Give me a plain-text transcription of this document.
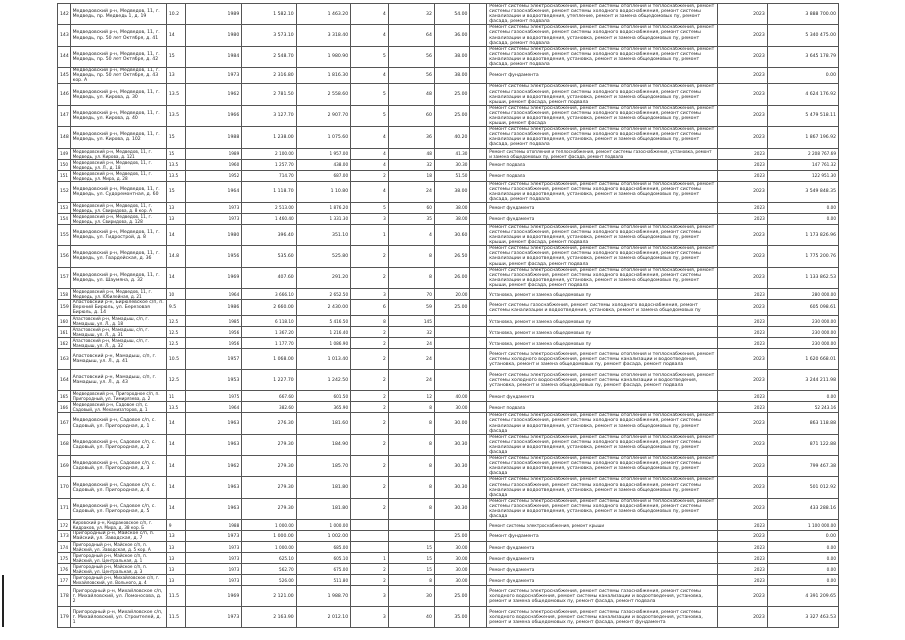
142	Медведовский р-н, Медведов, 11, г. Медведь, пр. Медведь 1, д. 19	10.2	1989	1 582.10	1 463.20	4	32	54.00		Ремонт системы электроснабжения, ремонт системы отопления и теплоснабжения, ремонт системы газоснабжения, ремонт системы холодного водоснабжения, ремонт системы канализации и водоотведения, утепление, ремонт и замена общедомовых пу, ремонт фасада, ремонт подвала	2023	3 888 700.00
143	Медведовский р-н, Медведов, 11, г. Медведь, пр. 50 лет Октября, д. 41	14	1980	3 573.10	3 318.40	4	64	36.00		Ремонт системы электроснабжения, ремонт системы отопления и теплоснабжения, ремонт системы газоснабжения, ремонт системы холодного водоснабжения, ремонт системы канализации и водоотведения, установка, ремонт и замена общедомовых пу, ремонт фасада, ремонт подвала	2023	5 340 475.00
144	Медведовский р-н, Медведов, 11, г. Медведь, пр. 50 лет Октября, д. 42	15	1984	2 548.70	1 980.90	5	56	38.00		Ремонт системы электроснабжения, ремонт системы отопления и теплоснабжения, ремонт системы газоснабжения, ремонт системы холодного водоснабжения, ремонт системы канализации и водоотведения, установка, ремонт и замена общедомовых пу, ремонт фасада, ремонт подвала	2023	3 645 178.79
145	Медведовский р-н, Медведов, 11, г. Медведь, пр. 50 лет Октября, д. 43 кор. А	13	1973	2 316.80	1 816.30	4	56	38.00		Ремонт фундамента	2023	0.00
146	Медведовский р-н, Медведов, 11, г. Медведь, ул. Кирова, д. 30	13.5	1962	2 781.50	2 558.60	5	48	25.00		Ремонт системы электроснабжения, ремонт системы отопления и теплоснабжения, ремонт системы газоснабжения, ремонт системы холодного водоснабжения, ремонт системы канализации и водоотведения, установка, ремонт и замена общедомовых пу, ремонт крыши, ремонт фасада, ремонт подвала	2023	4 624 176.92
147	Медведовский р-н, Медведов, 11, г. Медведь, ул. Кирова, д. 40	13.5	1966	3 127.70	2 907.70	5	60	25.00		Ремонт системы электроснабжения, ремонт системы отопления и теплоснабжения, ремонт системы газоснабжения, ремонт системы холодного водоснабжения, ремонт системы канализации и водоотведения, установка, ремонт и замена общедомовых пу, ремонт крыши, ремонт фасада	2023	5 479 518.11
148	Медведовский р-н, Медведов, 11, г. Медведь, ул. Кирова, д. 102	15	1988	1 238.00	1 075.60	4	36	40.20		Ремонт системы электроснабжения, ремонт системы отопления и теплоснабжения, ремонт системы газоснабжения, ремонт системы холодного водоснабжения, ремонт системы канализации и водоотведения, установка, ремонт и замена общедомовых пу, ремонт фасада, ремонт подвала	2023	1 867 196.92
149	Медведовский р-н, Медведов, 11, г. Медведь, ул. Кирова, д. 121	15	1989	2 100.00	1 957.00	4	48	41.30		Ремонт системы отопления и теплоснабжения, ремонт системы газоснабжения, установка, ремонт и замена общедомовых пу, ремонт фасада, ремонт подвала	2023	2 208 767.69
150	Медведовский р-н, Медведов, 11, г. Медведь, ул. Л., д. 18	13.5	1960	1 257.70	438.00	4	32	30.30		Ремонт подвала	2023	147 761.32
151	Медведовский р-н, Медведов, 11, г. Медведь, ул. Мира, д. 28	13.5	1952	714.70	687.00	2	18	51.50		Ремонт подвала	2023	122 951.30
152	Медведовский р-н, Медведов, 11, г. Медведь, ул. Судоремонтная, д. 60	15	1964	1 118.70	1 10.80	4	24	38.00		Ремонт системы электроснабжения, ремонт системы отопления и теплоснабжения, ремонт системы газоснабжения, ремонт системы холодного водоснабжения, ремонт системы канализации и водоотведения, установка, ремонт и замена общедомовых пу, ремонт фасада, ремонт подвала	2023	3 549 848.35
153	Медведовский р-н, Медведов, 11, г. Медведь, ул. Свиридова, д. 8 кор. А	13	1973	2 513.00	1 876.20	5	60	38.00		Ремонт фундамента	2023	0.00
154	Медведовский р-н, Медведов, 11, г. Медведь, ул. Свиридова, д. 128	13	1973	1 460.40	1 331.30	3	35	38.00		Ремонт фундамента	2023	0.00
155	Медведовский р-н, Медведов, 11, г. Медведь, ул. Гидрострой, д. 8	14	1980	396.40	351.10	1	4	30.60		Ремонт системы электроснабжения, ремонт системы отопления и теплоснабжения, ремонт системы газоснабжения, ремонт системы холодного водоснабжения, ремонт системы канализации и водоотведения, установка, ремонт и замена общедомовых пу, ремонт крыши, ремонт фасада, ремонт подвала	2023	1 173 826.96
156	Медведовский р-н, Медведов, 11, г. Медведь, ул. Гвардейская, д. 36	14.8	1956	535.60	525.80	2	8	26.50		Ремонт системы электроснабжения, ремонт системы отопления и теплоснабжения, ремонт системы газоснабжения, ремонт системы холодного водоснабжения, ремонт системы канализации и водоотведения, установка, ремонт и замена общедомовых пу, ремонт крыши, ремонт фасада, ремонт подвала	2023	1 775 200.76
157	Медведовский р-н, Медведов, 11, г. Медведь, ул. Шаумяна, д. 32	14	1969	407.60	291.20	2	8	26.00		Ремонт системы электроснабжения, ремонт системы отопления и теплоснабжения, ремонт системы газоснабжения, ремонт системы холодного водоснабжения, ремонт системы канализации и водоотведения, установка, ремонт и замена общедомовых пу, ремонт крыши, ремонт фасада, ремонт подвала	2023	1 133 862.53
158	Медведовский р-н, Медведов, 11, г. Медведь, ул. Юбилейная, д. 21	10	1964	3 666.10	2 652.50	3	70	20.00		Установка, ремонт и замена общедомовых пу	2023	280 000.00
159	Апастовский р-н, Бирюлевское с/п, п. Верхний Бирюль, ул. Березовая Бирюль, д. 14	9.5	1986	2 660.00	2 430.00	6	59	25.00		Ремонт системы газоснабжения, ремонт системы холодного водоснабжения, ремонт системы канализации и водоотведения, установка, ремонт и замена общедомовых пу	2023	605 098.61
160	Апастовский р-н, Мамадыш, с/п, г. Мамадыш, ул. Л., д. 18	12.5	1985	6 118.10	5 416.50	8	145			Установка, ремонт и замена общедомовых пу	2023	230 000.00
161	Апастовский р-н, Мамадыш, с/п, г. Мамадыш, ул. Л., д. 31	12.5	1956	1 367.20	1 216.40	2	32			Установка, ремонт и замена общедомовых пу	2023	230 000.00
162	Апастовский р-н, Мамадыш, с/п, г. Мамадыш, ул. Л., д. 32	12.5	1956	1 177.70	1 086.90	2	24			Установка, ремонт и замена общедомовых пу	2023	230 000.00
163	Апастовский р-н, Мамадыш, с/п, г. Мамадыш, ул. Л., д. 41	10.5	1957	1 068.00	1 013.40	2	24			Ремонт системы электроснабжения, ремонт системы отопления и теплоснабжения, ремонт системы холодного водоснабжения, ремонт системы канализации и водоотведения, установка, ремонт и замена общедомовых пу, ремонт фасада, ремонт подвала	2023	1 620 668.01
164	Апастовский р-н, Мамадыш, с/п, г. Мамадыш, ул. Л., д. 43	12.5	1953	1 227.70	1 242.50	2	24			Ремонт системы электроснабжения, ремонт системы отопления и теплоснабжения, ремонт системы холодного водоснабжения, ремонт системы канализации и водоотведения, установка, ремонт и замена общедомовых пу, ремонт фасада, ремонт подвала	2023	3 244 211.98
165	Медведовский р-н, Пригородное с/п, п. Пригородный, ул. Тимирязева, д. 2	11	1975	667.60	601.50	2	12	40.00		Ремонт фундамента	2023	0.00
166	Медведовский р-н, Садовое с/п, с. Садовый, ул. Механизаторов, д. 1	13.5	1964	382.60	365.90	2	8	30.00		Ремонт подвала	2023	52 243.16
167	Медведовский р-н, Садовое с/п, с. Садовый, ул. Пригородная, д. 1	14	1963	276.30	181.60	2	8	30.00		Ремонт системы электроснабжения, ремонт системы отопления и теплоснабжения, ремонт системы газоснабжения, ремонт системы холодного водоснабжения, ремонт системы канализации и водоотведения, установка, ремонт и замена общедомовых пу, ремонт фасада	2023	863 118.88
168	Медведовский р-н, Садовое с/п, с. Садовый, ул. Пригородная, д. 2	14	1963	279.30	184.90	2	8	30.30		Ремонт системы электроснабжения, ремонт системы отопления и теплоснабжения, ремонт системы газоснабжения, ремонт системы холодного водоснабжения, ремонт системы канализации и водоотведения, установка, ремонт и замена общедомовых пу, ремонт фасада	2023	871 122.88
169	Медведовский р-н, Садовое с/п, с. Садовый, ул. Пригородная, д. 3	14	1962	279.30	185.70	2	8	30.30		Ремонт системы электроснабжения, ремонт системы отопления и теплоснабжения, ремонт системы газоснабжения, ремонт системы холодного водоснабжения, ремонт системы канализации и водоотведения, установка, ремонт и замена общедомовых пу, ремонт фасада	2023	799 467.38
170	Медведовский р-н, Садовое с/п, с. Садовый, ул. Пригородная, д. 4	14	1963	279.30	181.80	2	8	30.30		Ремонт системы электроснабжения, ремонт системы отопления и теплоснабжения, ремонт системы газоснабжения, ремонт системы холодного водоснабжения, ремонт системы канализации и водоотведения, установка, ремонт и замена общедомовых пу, ремонт фасада	2023	501 012.92
171	Медведовский р-н, Садовое с/п, с. Садовый, ул. Пригородная, д. 5	14	1963	279.30	181.80	2	8	30.30		Ремонт системы электроснабжения, ремонт системы отопления и теплоснабжения, ремонт системы газоснабжения, ремонт системы холодного водоснабжения, ремонт системы канализации и водоотведения, установка, ремонт и замена общедомовых пу, ремонт фасада	2023	433 288.16
172	Кировский р-н, Кидраковское с/п, г. Кидраков, ул. Мира, д. 38 кор. Б	9	1988	1 000.00	1 000.00					Ремонт системы электроснабжения, ремонт крыши	2023	1 100 000.00
173	Пригородный р-н, Майское с/п, п. Майский, ул. Заводская, д. 7	13	1973	1 000.00	1 002.00			25.00		Ремонт фундамента	2023	0.00
174	Пригородный р-н, Майское с/п, п. Майский, ул. Заводская, д. 5 кор. А	13	1973	1 000.00	685.00		15	30.00		Ремонт фундамента	2023	0.00
175	Пригородный р-н, Майское с/п, п. Майский, ул. Центральная, д. 1	13	1973	625.10	605.10	1	15	30.00		Ремонт фундамента	2023	0.00
176	Пригородный р-н, Майское с/п, п. Майский, ул. Центральная, д. 3	13	1973	562.70	675.00	2	15	30.00		Ремонт фундамента	2023	0.00
177	Пригородный р-н, Михайловское с/п, г. Михайловский, ул. Вольного, д. 4	13	1973	526.00	511.80	2	8	30.00		Ремонт фундамента	2023	0.00
178	Пригородный р-н, Михайловское с/п, г. Михайловский, ул. Ломоносова, д. 2	11.5	1969	2 121.00	1 988.70	3	30	25.00		Ремонт системы электроснабжения, ремонт системы газоснабжения, ремонт системы холодного водоснабжения, ремонт системы канализации и водоотведения, установка, ремонт и замена общедомовых пу, ремонт фасада, ремонт подвала	2023	4 391 209.65
179	Пригородный р-н, Михайловское с/п, г. Михайловский, ул. Строителей, д. 1	11.5	1973	2 163.90	2 012.10	3	40	35.00		Ремонт системы электроснабжения, ремонт системы газоснабжения, ремонт системы холодного водоснабжения, ремонт системы канализации и водоотведения, установка, ремонт и замена общедомовых пу, ремонт фасада, ремонт фундамента	2023	3 327 463.53
